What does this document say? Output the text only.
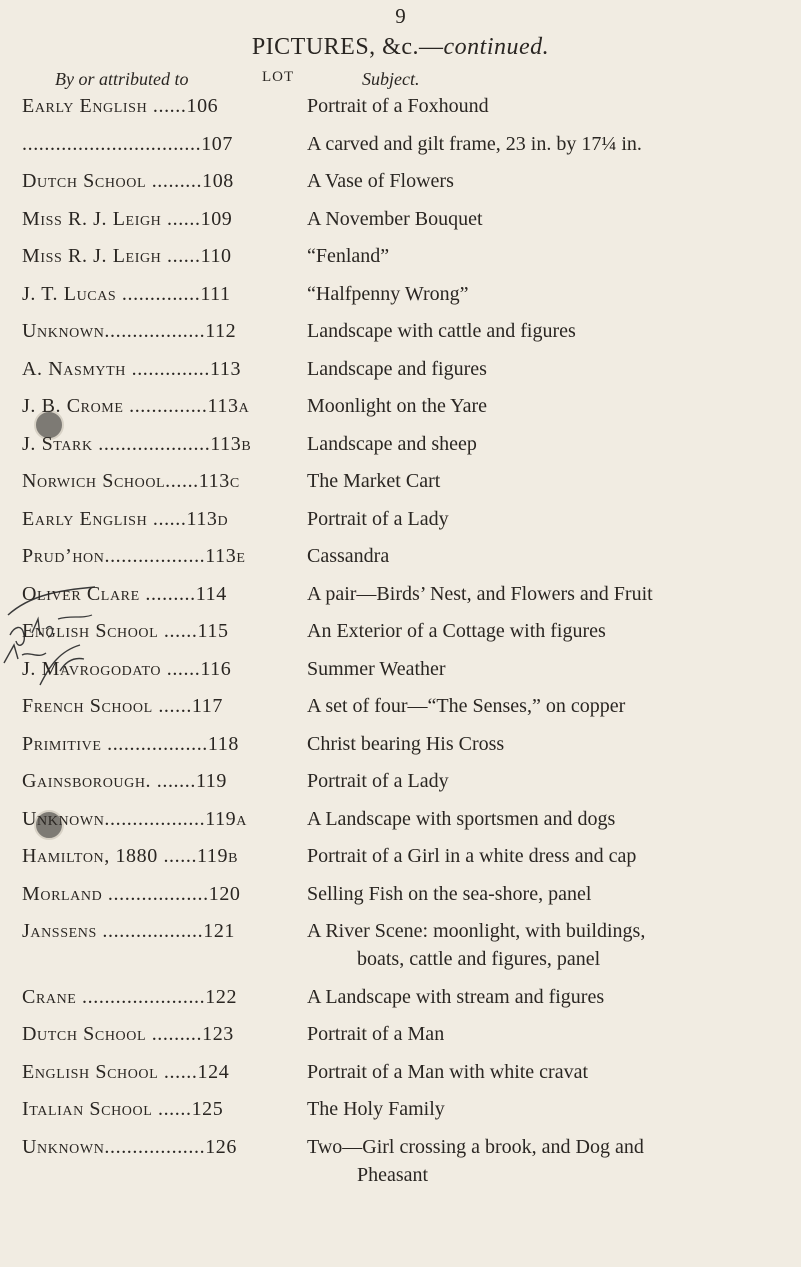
9
PICTURES, &c.—continued.
By or attributed to	LOT	Subject.
Early English ......106	Portrait of a Foxhound
................................107	A carved and gilt frame, 23 in. by 17¼ in.
Dutch School .........108	A Vase of Flowers
Miss R. J. Leigh ......109	A November Bouquet
Miss R. J. Leigh ......110	“Fenland”
J. T. Lucas ..............111	“Halfpenny Wrong”
Unknown..................112	Landscape with cattle and figures
A. Nasmyth ..............113	Landscape and figures
J. B. Crome ..............113a	Moonlight on the Yare
J. Stark ....................113b	Landscape and sheep
Norwich School......113c	The Market Cart
Early English ......113d	Portrait of a Lady
Prud’hon..................113e	Cassandra
Oliver Clare .........114	A pair—Birds’ Nest, and Flowers and Fruit
English School ......115	An Exterior of a Cottage with figures
J. Mavrogodato ......116	Summer Weather
French School ......117	A set of four—“The Senses,” on copper
Primitive ..................118	Christ bearing His Cross
Gainsborough. .......119	Portrait of a Lady
Unknown..................119a	A Landscape with sportsmen and dogs
Hamilton, 1880 ......119b	Portrait of a Girl in a white dress and cap
Morland ..................120	Selling Fish on the sea-shore, panel
Janssens ..................121	A River Scene: moonlight, with buildings,
boats, cattle and figures, panel
Crane ......................122	A Landscape with stream and figures
Dutch School .........123	Portrait of a Man
English School ......124	Portrait of a Man with white cravat
Italian School ......125	The Holy Family
Unknown..................126	Two—Girl crossing a brook, and Dog and
Pheasant
